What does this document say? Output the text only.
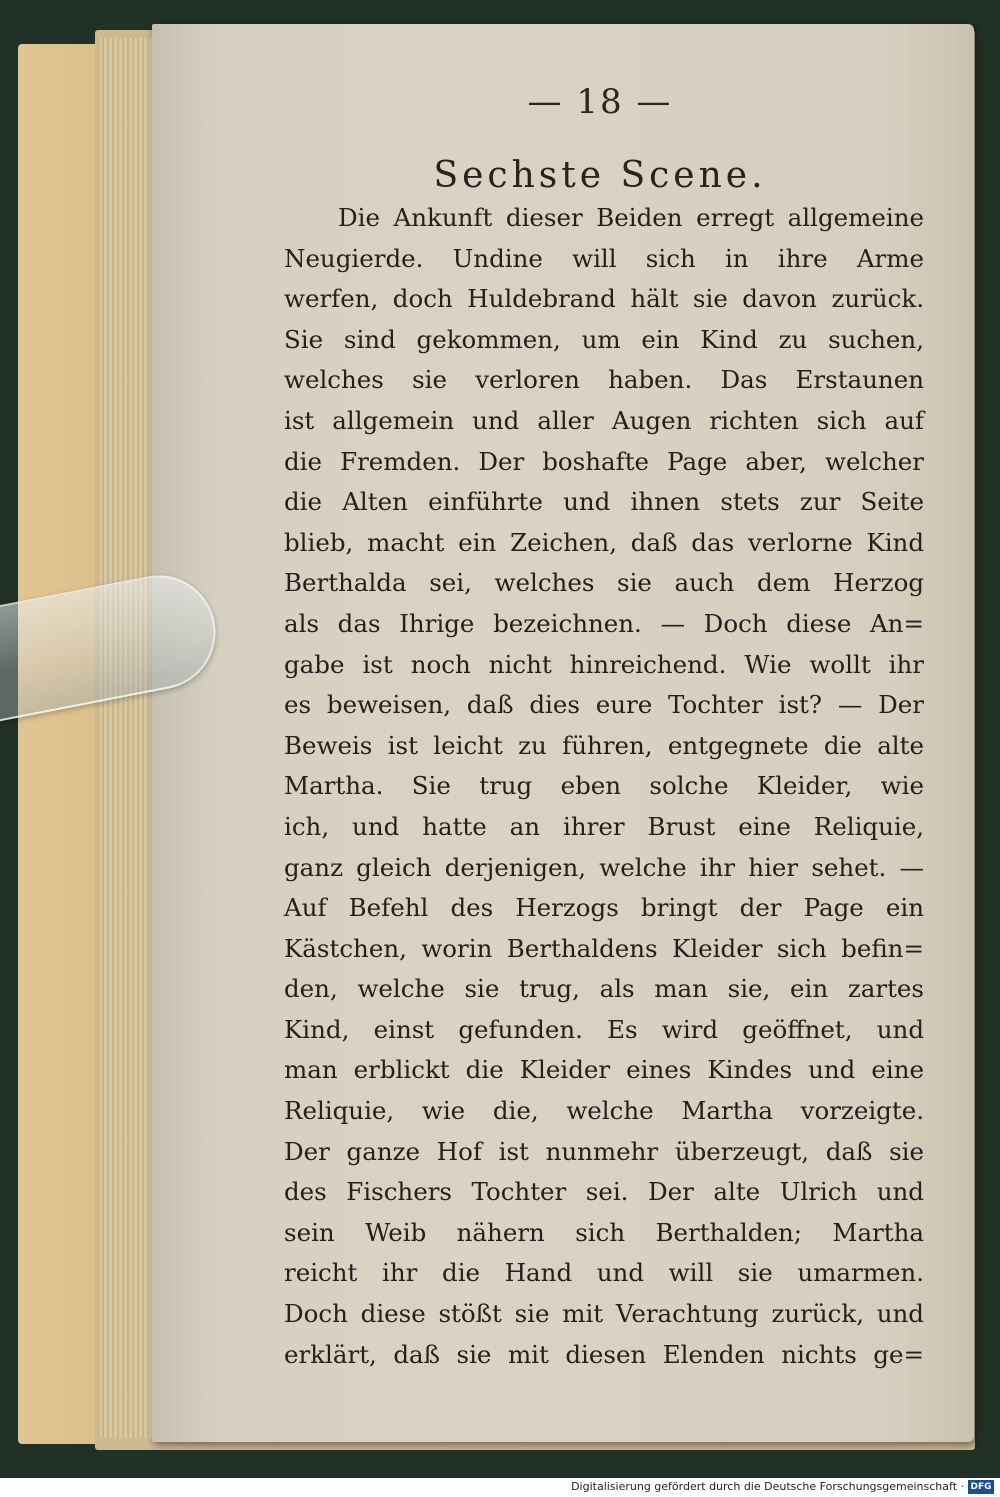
— 18 —
Sechste Scene.
Die Ankunft dieser Beiden erregt allgemeine
Neugierde. Undine will sich in ihre Arme
werfen, doch Huldebrand hält sie davon zurück.
Sie sind gekommen, um ein Kind zu suchen,
welches sie verloren haben. Das Erstaunen
ist allgemein und aller Augen richten sich auf
die Fremden. Der boshafte Page aber, welcher
die Alten einführte und ihnen stets zur Seite
blieb, macht ein Zeichen, daß das verlorne Kind
Berthalda sei, welches sie auch dem Herzog
als das Ihrige bezeichnen. — Doch diese An=
gabe ist noch nicht hinreichend. Wie wollt ihr
es beweisen, daß dies eure Tochter ist? — Der
Beweis ist leicht zu führen, entgegnete die alte
Martha. Sie trug eben solche Kleider, wie
ich, und hatte an ihrer Brust eine Reliquie,
ganz gleich derjenigen, welche ihr hier sehet. —
Auf Befehl des Herzogs bringt der Page ein
Kästchen, worin Berthaldens Kleider sich befin=
den, welche sie trug, als man sie, ein zartes
Kind, einst gefunden. Es wird geöffnet, und
man erblickt die Kleider eines Kindes und eine
Reliquie, wie die, welche Martha vorzeigte.
Der ganze Hof ist nunmehr überzeugt, daß sie
des Fischers Tochter sei. Der alte Ulrich und
sein Weib nähern sich Berthalden; Martha
reicht ihr die Hand und will sie umarmen.
Doch diese stößt sie mit Verachtung zurück, und
erklärt, daß sie mit diesen Elenden nichts ge=
Digitalisierung gefördert durch die Deutsche Forschungsgemeinschaft · DFG
